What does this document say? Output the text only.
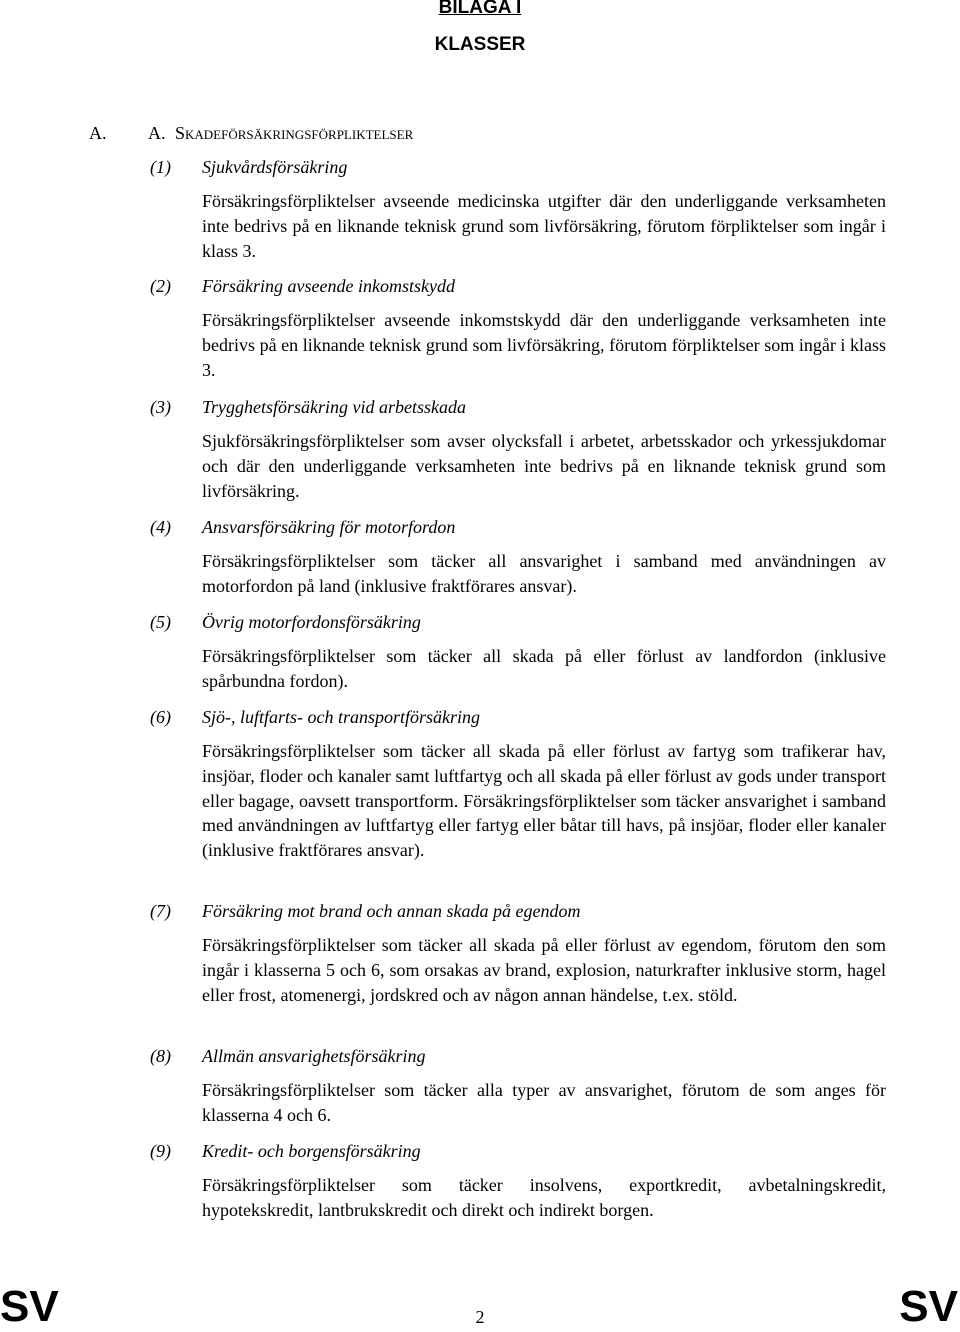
BILAGA I
KLASSER
A. A. Skadeförsäkringsförpliktelser
(1) Sjukvårdsförsäkring
Försäkringsförpliktelser avseende medicinska utgifter där den underliggande verksamheten inte bedrivs på en liknande teknisk grund som livförsäkring, förutom förpliktelser som ingår i klass 3.
(2) Försäkring avseende inkomstskydd
Försäkringsförpliktelser avseende inkomstskydd där den underliggande verksamheten inte bedrivs på en liknande teknisk grund som livförsäkring, förutom förpliktelser som ingår i klass 3.
(3) Trygghetsförsäkring vid arbetsskada
Sjukförsäkringsförpliktelser som avser olycksfall i arbetet, arbetsskador och yrkessjukdomar och där den underliggande verksamheten inte bedrivs på en liknande teknisk grund som livförsäkring.
(4) Ansvarsförsäkring för motorfordon
Försäkringsförpliktelser som täcker all ansvarighet i samband med användningen av motorfordon på land (inklusive fraktförares ansvar).
(5) Övrig motorfordonsförsäkring
Försäkringsförpliktelser som täcker all skada på eller förlust av landfordon (inklusive spårbundna fordon).
(6) Sjö-, luftfarts- och transportförsäkring
Försäkringsförpliktelser som täcker all skada på eller förlust av fartyg som trafikerar hav, insjöar, floder och kanaler samt luftfartyg och all skada på eller förlust av gods under transport eller bagage, oavsett transportform. Försäkringsförpliktelser som täcker ansvarighet i samband med användningen av luftfartyg eller fartyg eller båtar till havs, på insjöar, floder eller kanaler (inklusive fraktförares ansvar).
(7) Försäkring mot brand och annan skada på egendom
Försäkringsförpliktelser som täcker all skada på eller förlust av egendom, förutom den som ingår i klasserna 5 och 6, som orsakas av brand, explosion, naturkrafter inklusive storm, hagel eller frost, atomenergi, jordskred och av någon annan händelse, t.ex. stöld.
(8) Allmän ansvarighetsförsäkring
Försäkringsförpliktelser som täcker alla typer av ansvarighet, förutom de som anges för klasserna 4 och 6.
(9) Kredit- och borgensförsäkring
Försäkringsförpliktelser som täcker insolvens, exportkredit, avbetalningskredit, hypotekskredit, lantbrukskredit och direkt och indirekt borgen.
SV	2	SV
